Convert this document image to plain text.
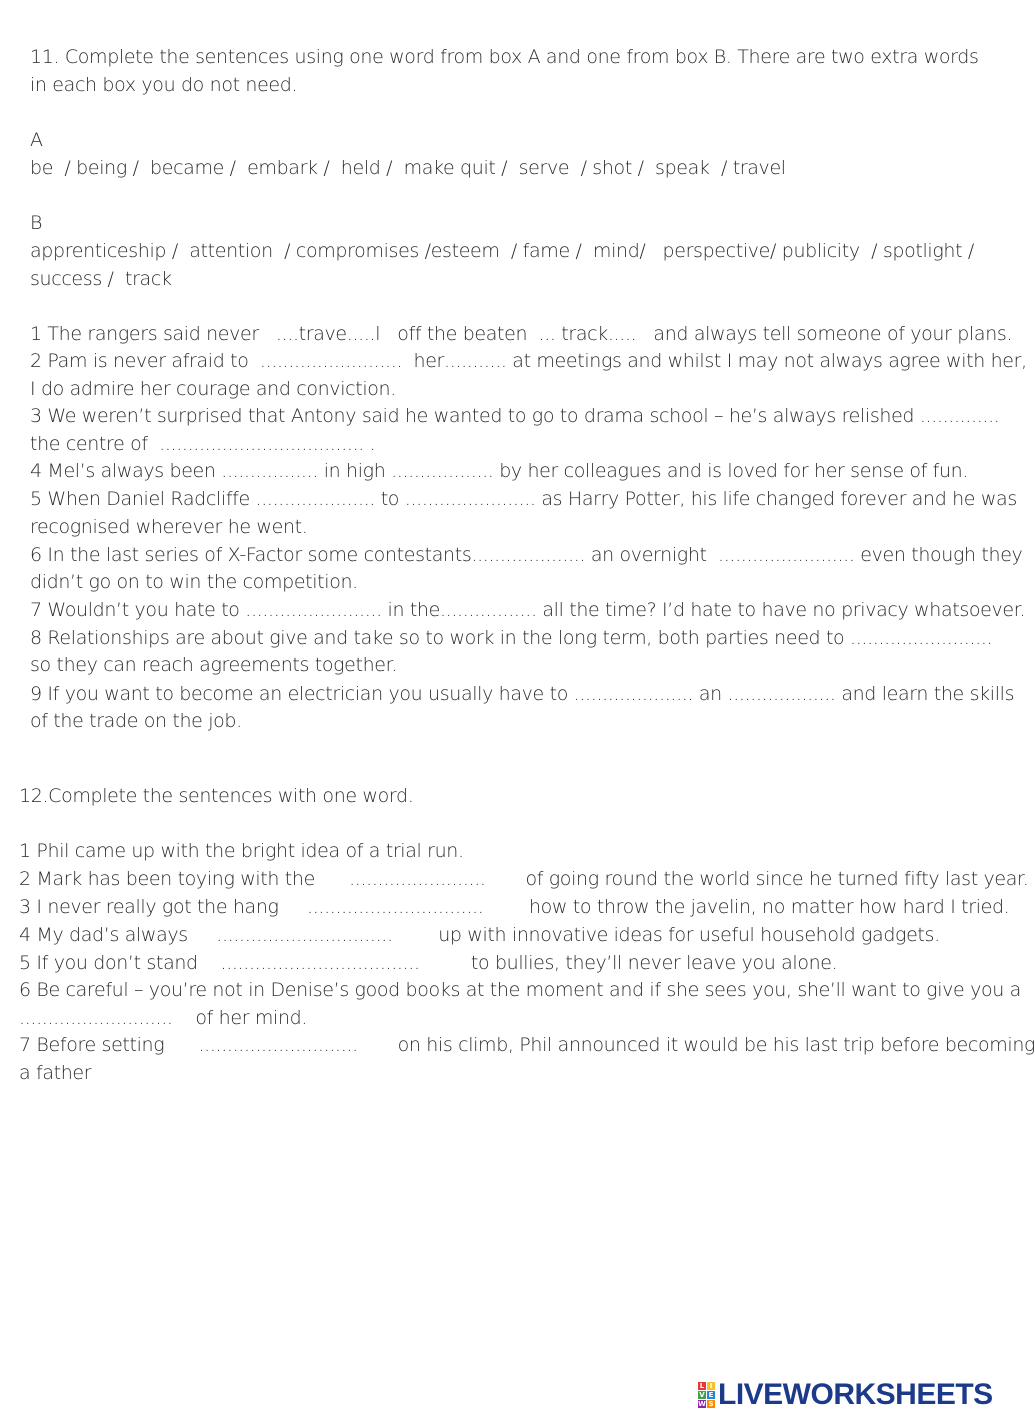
11. Complete the sentences using one word from box A and one from box B. There are two extra words
in each box you do not need.
A
be  / being /  became /  embark /  held /  make quit /  serve  / shot /  speak  / travel
B
apprenticeship /  attention  / compromises /esteem  / fame /  mind/   perspective/ publicity  / spotlight /
success /  track
1 The rangers said never   ....trave.....l   off the beaten  ... track.....   and always tell someone of your plans.
2 Pam is never afraid to  .........................  her........... at meetings and whilst I may not always agree with her,
I do admire her courage and conviction.
3 We weren’t surprised that Antony said he wanted to go to drama school – he’s always relished ..............
the centre of  .................................... .
4 Mel’s always been ................. in high .................. by her colleagues and is loved for her sense of fun.
5 When Daniel Radcliffe ..................... to ....................... as Harry Potter, his life changed forever and he was
recognised wherever he went.
6 In the last series of X-Factor some contestants.................... an overnight  ........................ even though they
didn’t go on to win the competition.
7 Wouldn’t you hate to ........................ in the................. all the time? I’d hate to have no privacy whatsoever.
8 Relationships are about give and take so to work in the long term, both parties need to .........................
so they can reach agreements together.
9 If you want to become an electrician you usually have to ..................... an ................... and learn the skills
of the trade on the job.
12.Complete the sentences with one word.
1 Phil came up with the bright idea of a trial run.
2 Mark has been toying with the      ........................       of going round the world since he turned fifty last year.
3 I never really got the hang     ...............................        how to throw the javelin, no matter how hard I tried.
4 My dad’s always     ...............................        up with innovative ideas for useful household gadgets.
5 If you don’t stand    ...................................         to bullies, they’ll never leave you alone.
6 Be careful – you’re not in Denise’s good books at the moment and if she sees you, she’ll want to give you a
...........................    of her mind.
7 Before setting      ............................       on his climb, Phil announced it would be his last trip before becoming
a father
L I
V E
W S LIVEWORKSHEETS
